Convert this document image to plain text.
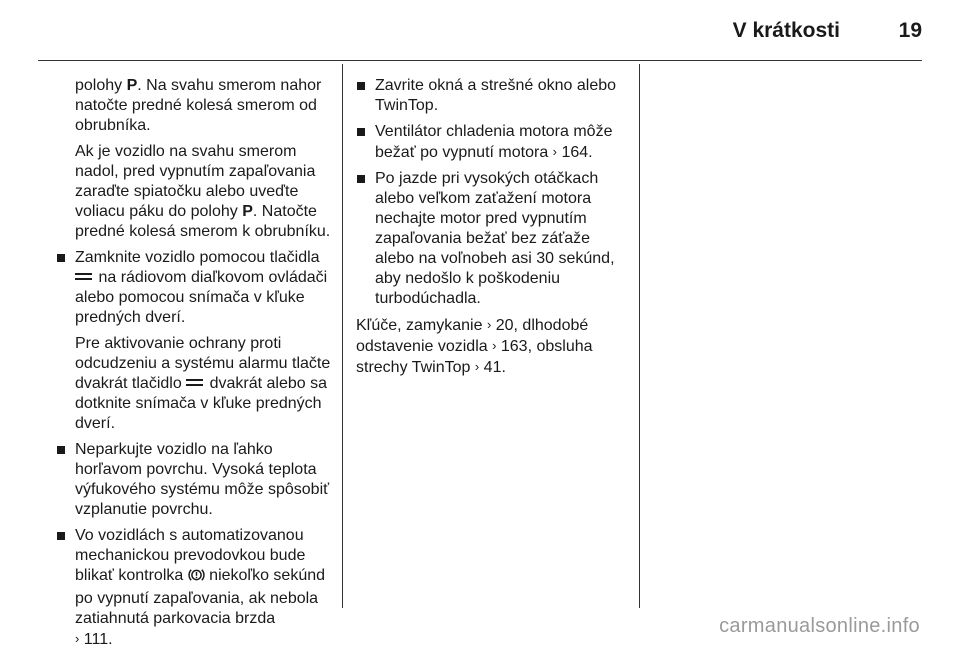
V krátkosti	19

polohy P. Na svahu smerom nahor natočte predné kolesá smerom od obrubníka.

Ak je vozidlo na svahu smerom nadol, pred vypnutím zapaľovania zaraďte spiatočku alebo uveďte voliacu páku do polohy P. Natočte predné kolesá smerom k obrubníku.

Zamknite vozidlo pomocou tlačidla
na rádiovom diaľkovom ovládači alebo pomocou snímača v kľuke predných dverí.

Pre aktivovanie ochrany proti odcudzeniu a systému alarmu tlačte dvakrát tlačidlo  dvakrát alebo sa dotknite snímača v kľuke predných dverí.

Neparkujte vozidlo na ľahko horľavom povrchu. Vysoká teplota výfukového systému môže spôsobiť vzplanutie povrchu.
Vo vozidlách s automatizovanou mechanickou prevodovkou bude blikať kontrolka  niekoľko sekúnd po vypnutí zapaľovania, ak nebola zatiahnutá parkovacia brzda
› 111.
Zavrite okná a strešné okno alebo TwinTop.
Ventilátor chladenia motora môže bežať po vypnutí motora › 164.
Po jazde pri vysokých otáčkach alebo veľkom zaťažení motora nechajte motor pred vypnutím zapaľovania bežať bez záťaže alebo na voľnobeh asi 30 sekúnd, aby nedošlo k poškodeniu turbodúchadla.

Kľúče, zamykanie › 20, dlhodobé odstavenie vozidla › 163, obsluha strechy TwinTop › 41.

carmanualsonline.info
